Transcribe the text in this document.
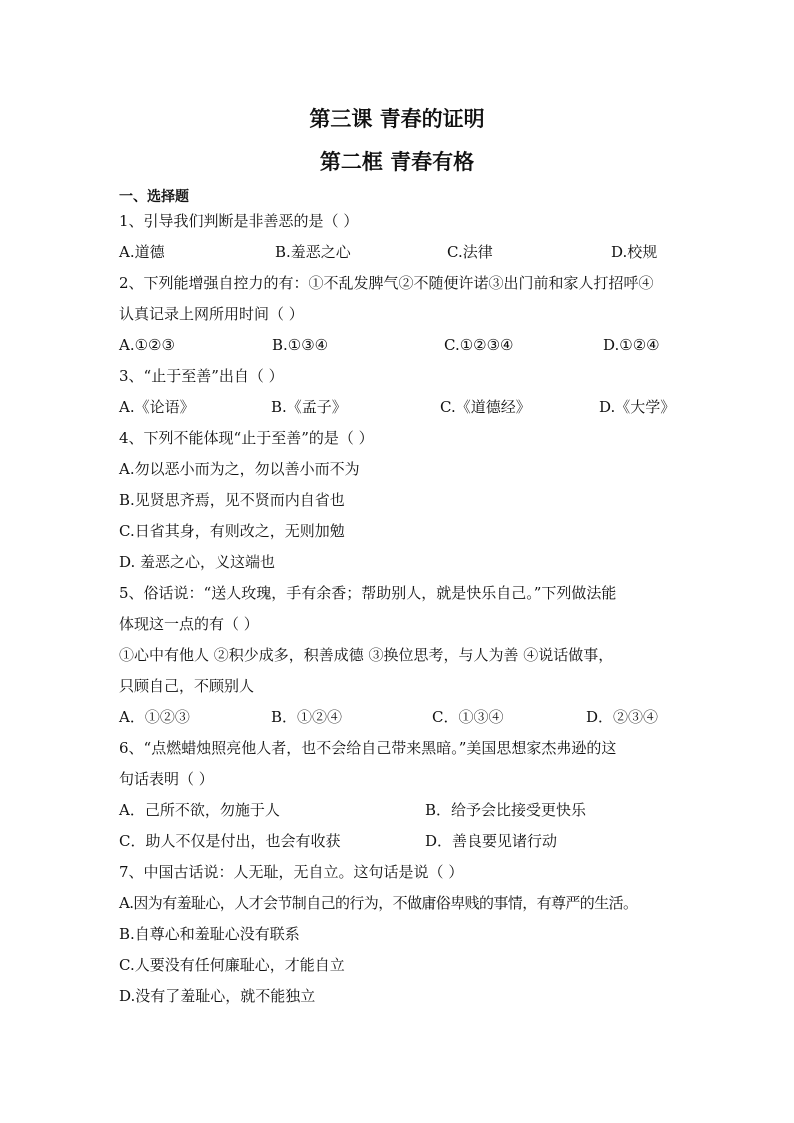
第三课 青春的证明
第二框 青春有格
一、选择题
1、引导我们判断是非善恶的是（ ）
A.道德	B.羞恶之心	C.法律	D.校规
2、下列能增强自控力的有：①不乱发脾气②不随便许诺③出门前和家人打招呼④
认真记录上网所用时间（ ）
A.①②③	B.①③④	C.①②③④	D.①②④
3、“止于至善”出自（ ）
A.《论语》	B.《孟子》	C.《道德经》	D.《大学》
4、下列不能体现“止于至善”的是（ ）
A.勿以恶小而为之，勿以善小而不为
B.见贤思齐焉，见不贤而内自省也
C.日省其身，有则改之，无则加勉
D. 羞恶之心，义这端也
5、俗话说：“送人玫瑰，手有余香；帮助别人，就是快乐自己。”下列做法能
体现这一点的有（ ）
①心中有他人 ②积少成多，积善成德 ③换位思考，与人为善 ④说话做事，
只顾自己，不顾别人
A．①②③	B．①②④	C．①③④	D．②③④
6、“点燃蜡烛照亮他人者，也不会给自己带来黑暗。”美国思想家杰弗逊的这
句话表明（ ）
A．己所不欲，勿施于人	B．给予会比接受更快乐
C．助人不仅是付出，也会有收获	D．善良要见诸行动
7、中国古话说：人无耻，无自立。这句话是说（ ）
A.因为有羞耻心，人才会节制自己的行为，不做庸俗卑贱的事情，有尊严的生活。
B.自尊心和羞耻心没有联系
C.人要没有任何廉耻心，才能自立
D.没有了羞耻心，就不能独立
